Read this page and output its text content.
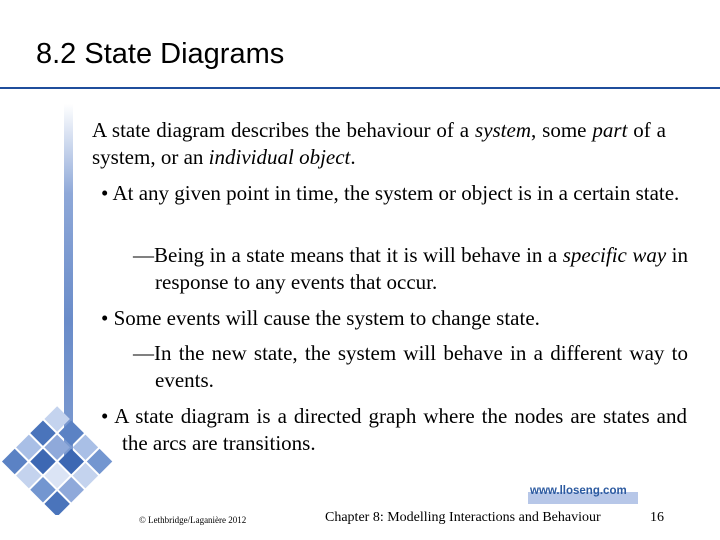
8.2 State Diagrams
A state diagram describes the behaviour of a system, some part of a system, or an individual object.
• At any given point in time, the system or object is in a certain state.
—Being in a state means that it is will behave in a specific way in response to any events that occur.
• Some events will cause the system to change state.
—In the new state, the system will behave in a different way to events.
• A state diagram is a directed graph where the nodes are states and the arcs are transitions.
www.lloseng.com
© Lethbridge/Laganière 2012	Chapter 8: Modelling Interactions and Behaviour	16
